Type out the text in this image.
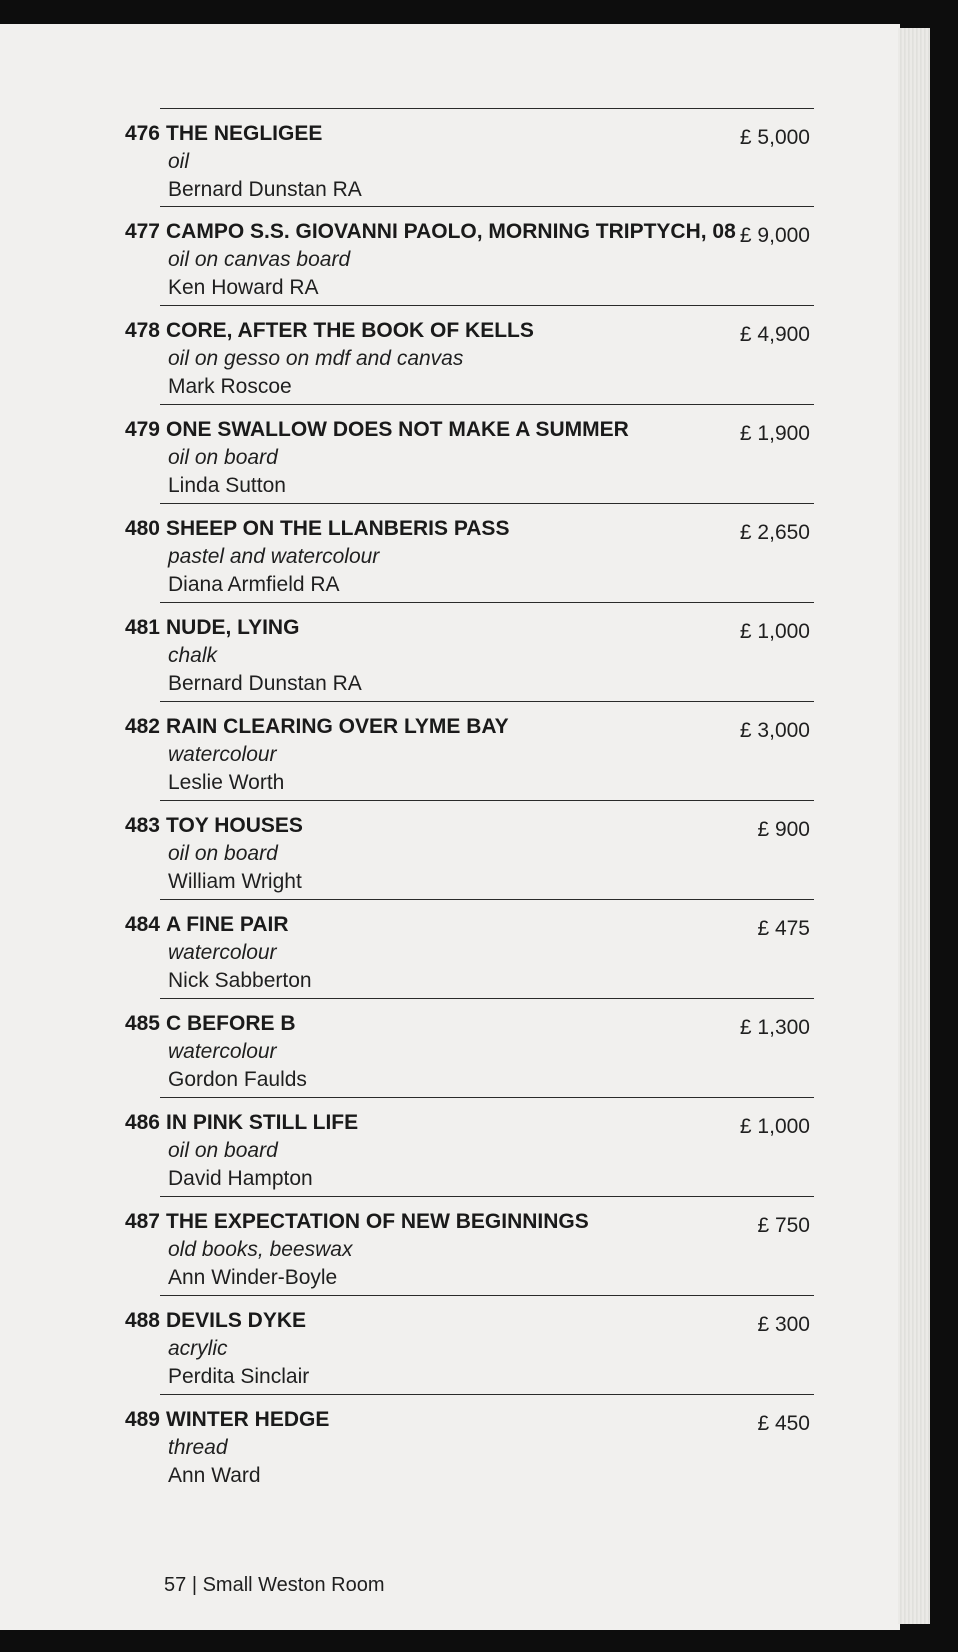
476 THE NEGLIGEE
oil
Bernard Dunstan RA
£ 5,000
477 CAMPO S.S. GIOVANNI PAOLO, MORNING TRIPTYCH, 08
oil on canvas board
Ken Howard RA
£ 9,000
478 CORE, AFTER THE BOOK OF KELLS
oil on gesso on mdf and canvas
Mark Roscoe
£ 4,900
479 ONE SWALLOW DOES NOT MAKE A SUMMER
oil on board
Linda Sutton
£ 1,900
480 SHEEP ON THE LLANBERIS PASS
pastel and watercolour
Diana Armfield RA
£ 2,650
481 NUDE, LYING
chalk
Bernard Dunstan RA
£ 1,000
482 RAIN CLEARING OVER LYME BAY
watercolour
Leslie Worth
£ 3,000
483 TOY HOUSES
oil on board
William Wright
£ 900
484 A FINE PAIR
watercolour
Nick Sabberton
£ 475
485 C BEFORE B
watercolour
Gordon Faulds
£ 1,300
486 IN PINK STILL LIFE
oil on board
David Hampton
£ 1,000
487 THE EXPECTATION OF NEW BEGINNINGS
old books, beeswax
Ann Winder-Boyle
£ 750
488 DEVILS DYKE
acrylic
Perdita Sinclair
£ 300
489 WINTER HEDGE
thread
Ann Ward
£ 450
57 | Small Weston Room
